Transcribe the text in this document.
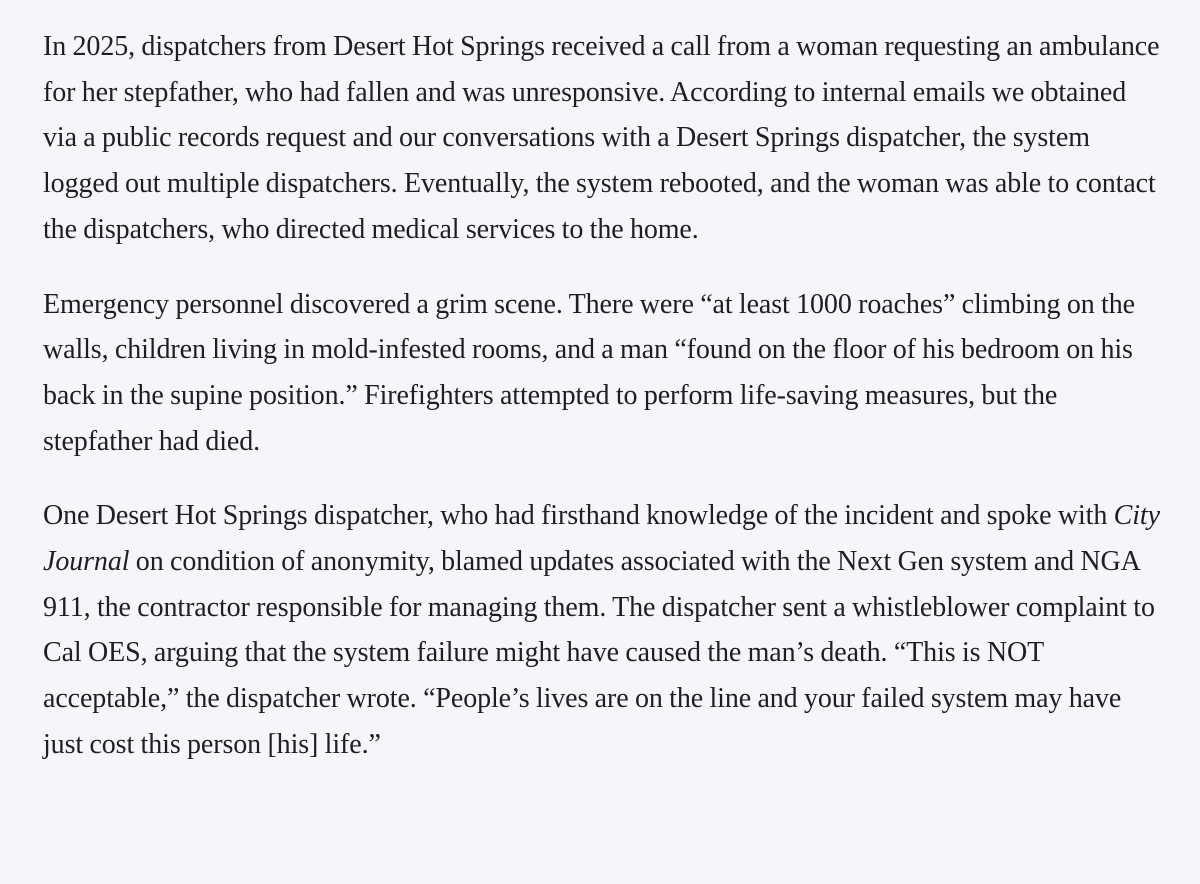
In 2025, dispatchers from Desert Hot Springs received a call from a woman requesting an ambulance for her stepfather, who had fallen and was unresponsive. According to internal emails we obtained via a public records request and our conversations with a Desert Springs dispatcher, the system logged out multiple dispatchers. Eventually, the system rebooted, and the woman was able to contact the dispatchers, who directed medical services to the home.

Emergency personnel discovered a grim scene. There were “at least 1000 roaches” climbing on the walls, children living in mold-infested rooms, and a man “found on the floor of his bedroom on his back in the supine position.” Firefighters attempted to perform life-saving measures, but the stepfather had died.

One Desert Hot Springs dispatcher, who had firsthand knowledge of the incident and spoke with City Journal on condition of anonymity, blamed updates associated with the Next Gen system and NGA 911, the contractor responsible for managing them. The dispatcher sent a whistleblower complaint to Cal OES, arguing that the system failure might have caused the man’s death. “This is NOT acceptable,” the dispatcher wrote. “People’s lives are on the line and your failed system may have just cost this person [his] life.”
